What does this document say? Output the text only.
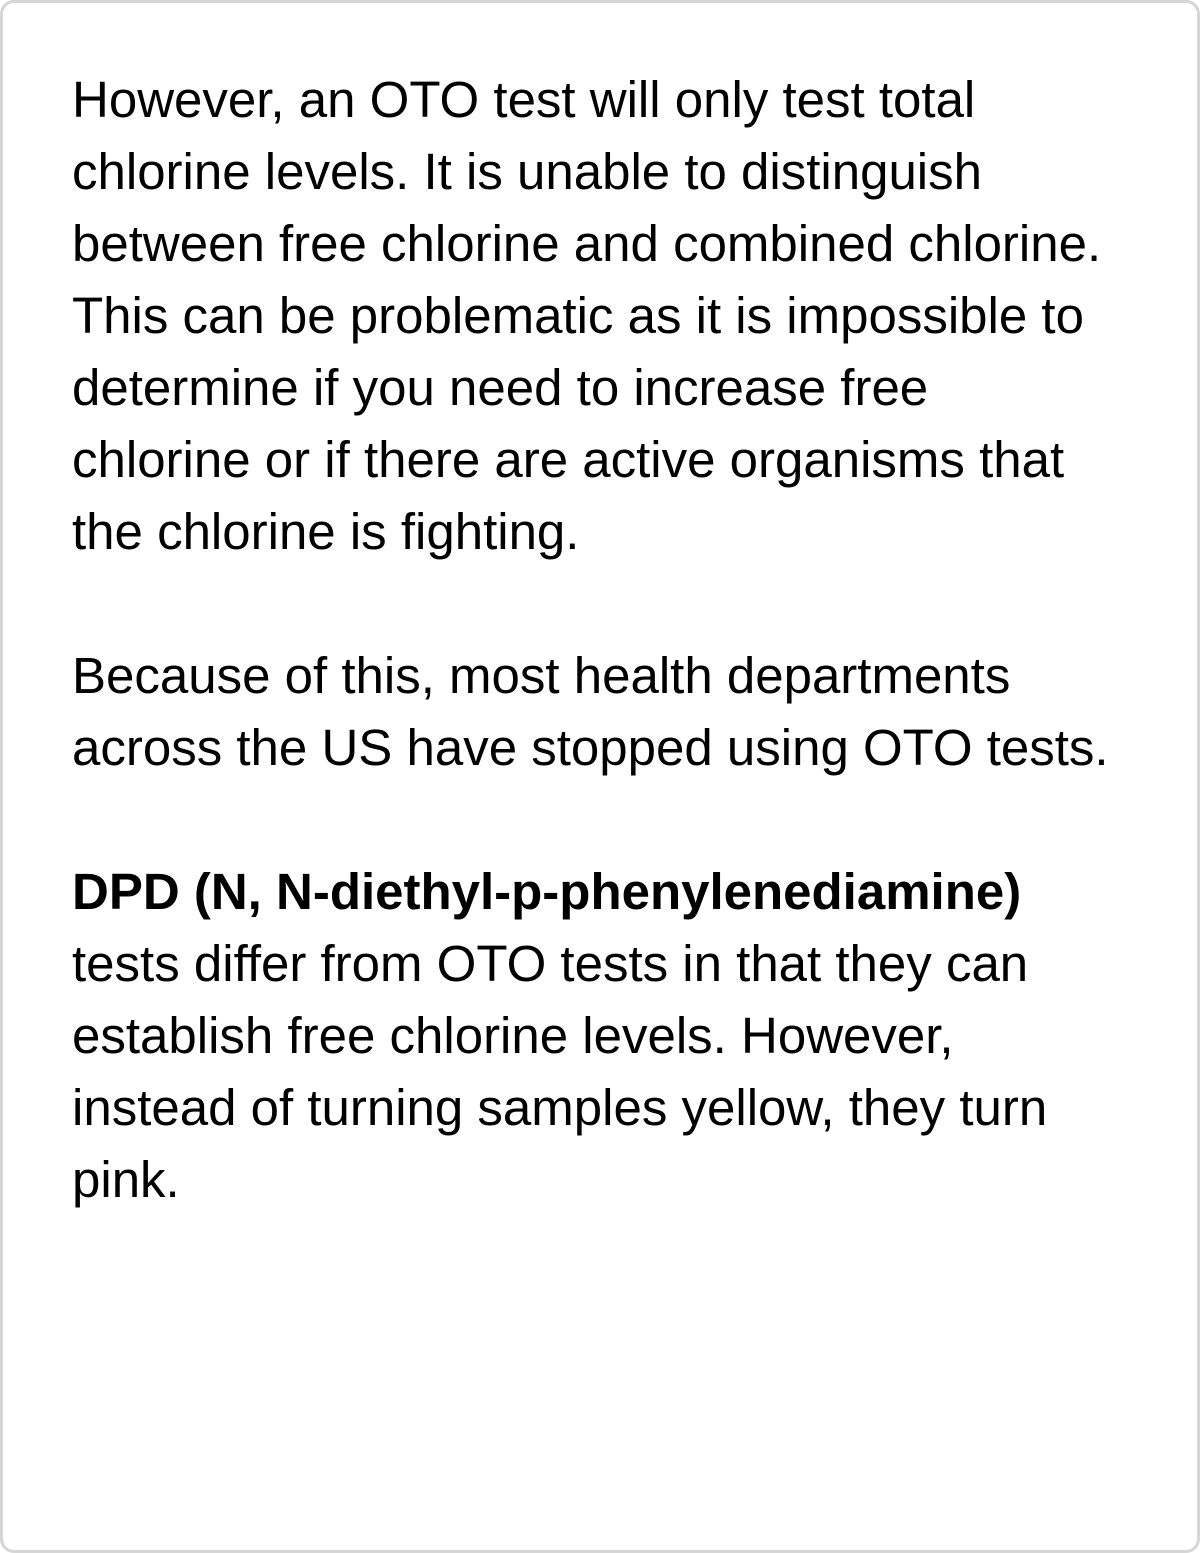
However, an OTO test will only test total
chlorine levels. It is unable to distinguish
between free chlorine and combined chlorine.
This can be problematic as it is impossible to
determine if you need to increase free
chlorine or if there are active organisms that
the chlorine is fighting.

Because of this, most health departments
across the US have stopped using OTO tests.

DPD (N, N-diethyl-p-phenylenediamine)
tests differ from OTO tests in that they can
establish free chlorine levels. However,
instead of turning samples yellow, they turn
pink.
